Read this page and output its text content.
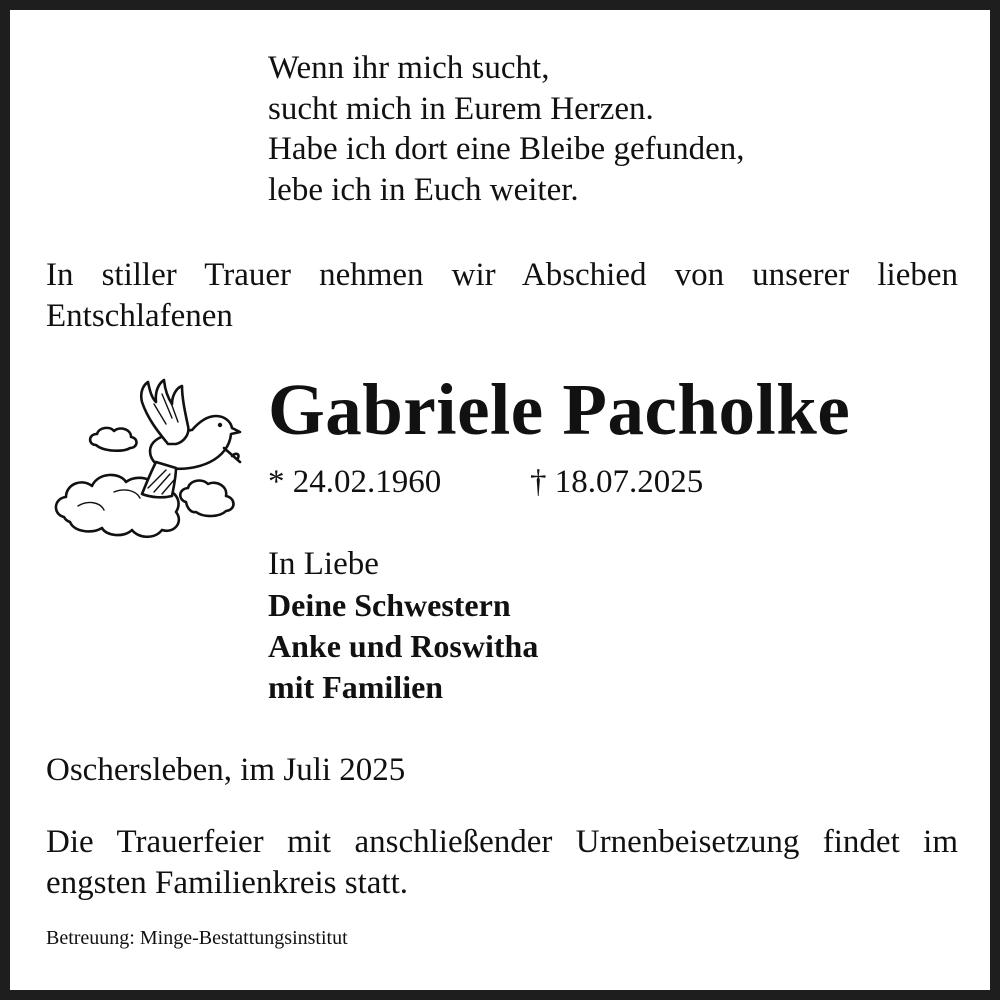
Wenn ihr mich sucht,
sucht mich in Eurem Herzen.
Habe ich dort eine Bleibe gefunden,
lebe ich in Euch weiter.
In stiller Trauer nehmen wir Abschied von unserer lieben Entschlafenen
Gabriele Pacholke
* 24.02.1960	† 18.07.2025
In Liebe
Deine Schwestern
Anke und Roswitha
mit Familien
Oschersleben, im Juli 2025
Die Trauerfeier mit anschließender Urnenbeisetzung findet im engsten Familienkreis statt.
Betreuung: Minge-Bestattungsinstitut
